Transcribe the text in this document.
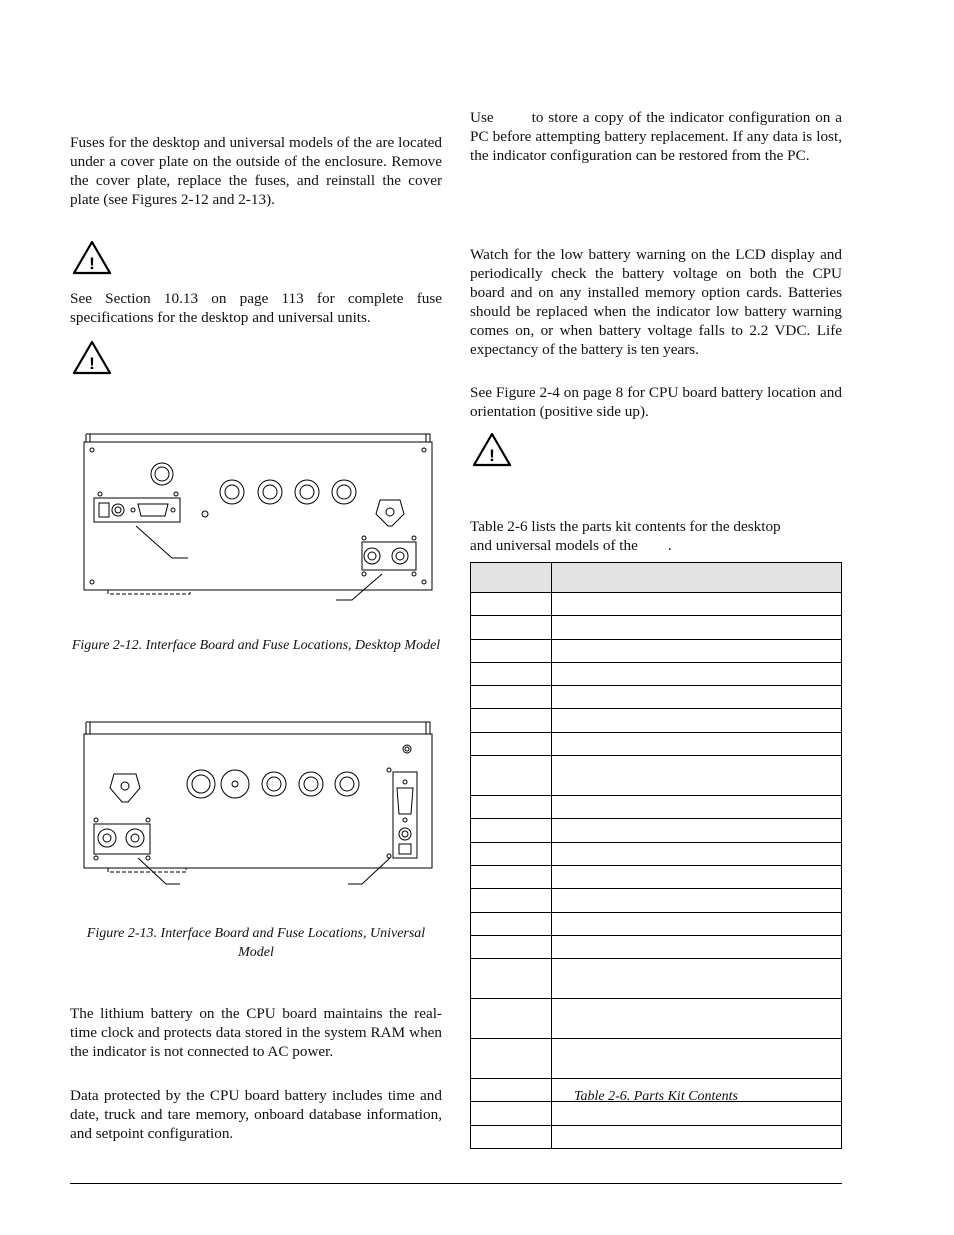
Fuses for the desktop and universal models of the are located under a cover plate on the outside of the enclosure. Remove the cover plate, replace the fuses, and reinstall the cover plate (see Figures 2-12 and 2-13).

!

See Section 10.13 on page 113 for complete fuse specifications for the desktop and universal units.

!
Figure 2-12. Interface Board and Fuse Locations, Desktop Model
Figure 2-13. Interface Board and Fuse Locations, Universal Model

The lithium battery on the CPU board maintains the real-time clock and protects data stored in the system RAM when the indicator is not connected to AC power.

Data protected by the CPU board battery includes time and date, truck and tare memory, onboard database information, and setpoint configuration.

Use	to store a copy of the indicator configuration on a PC before attempting battery replacement. If any data is lost, the indicator configuration can be restored from the PC.

Watch for the low battery warning on the LCD display and periodically check the battery voltage on both the CPU board and on any installed memory option cards. Batteries should be replaced when the indicator low battery warning comes on, or when battery voltage falls to 2.2 VDC. Life expectancy of the battery is ten years.

See Figure 2-4 on page 8 for CPU board battery location and orientation (positive side up).

!
Table 2-6 lists the parts kit contents for the desktop
and universal models of the .

Table 2-6. Parts Kit Contents
